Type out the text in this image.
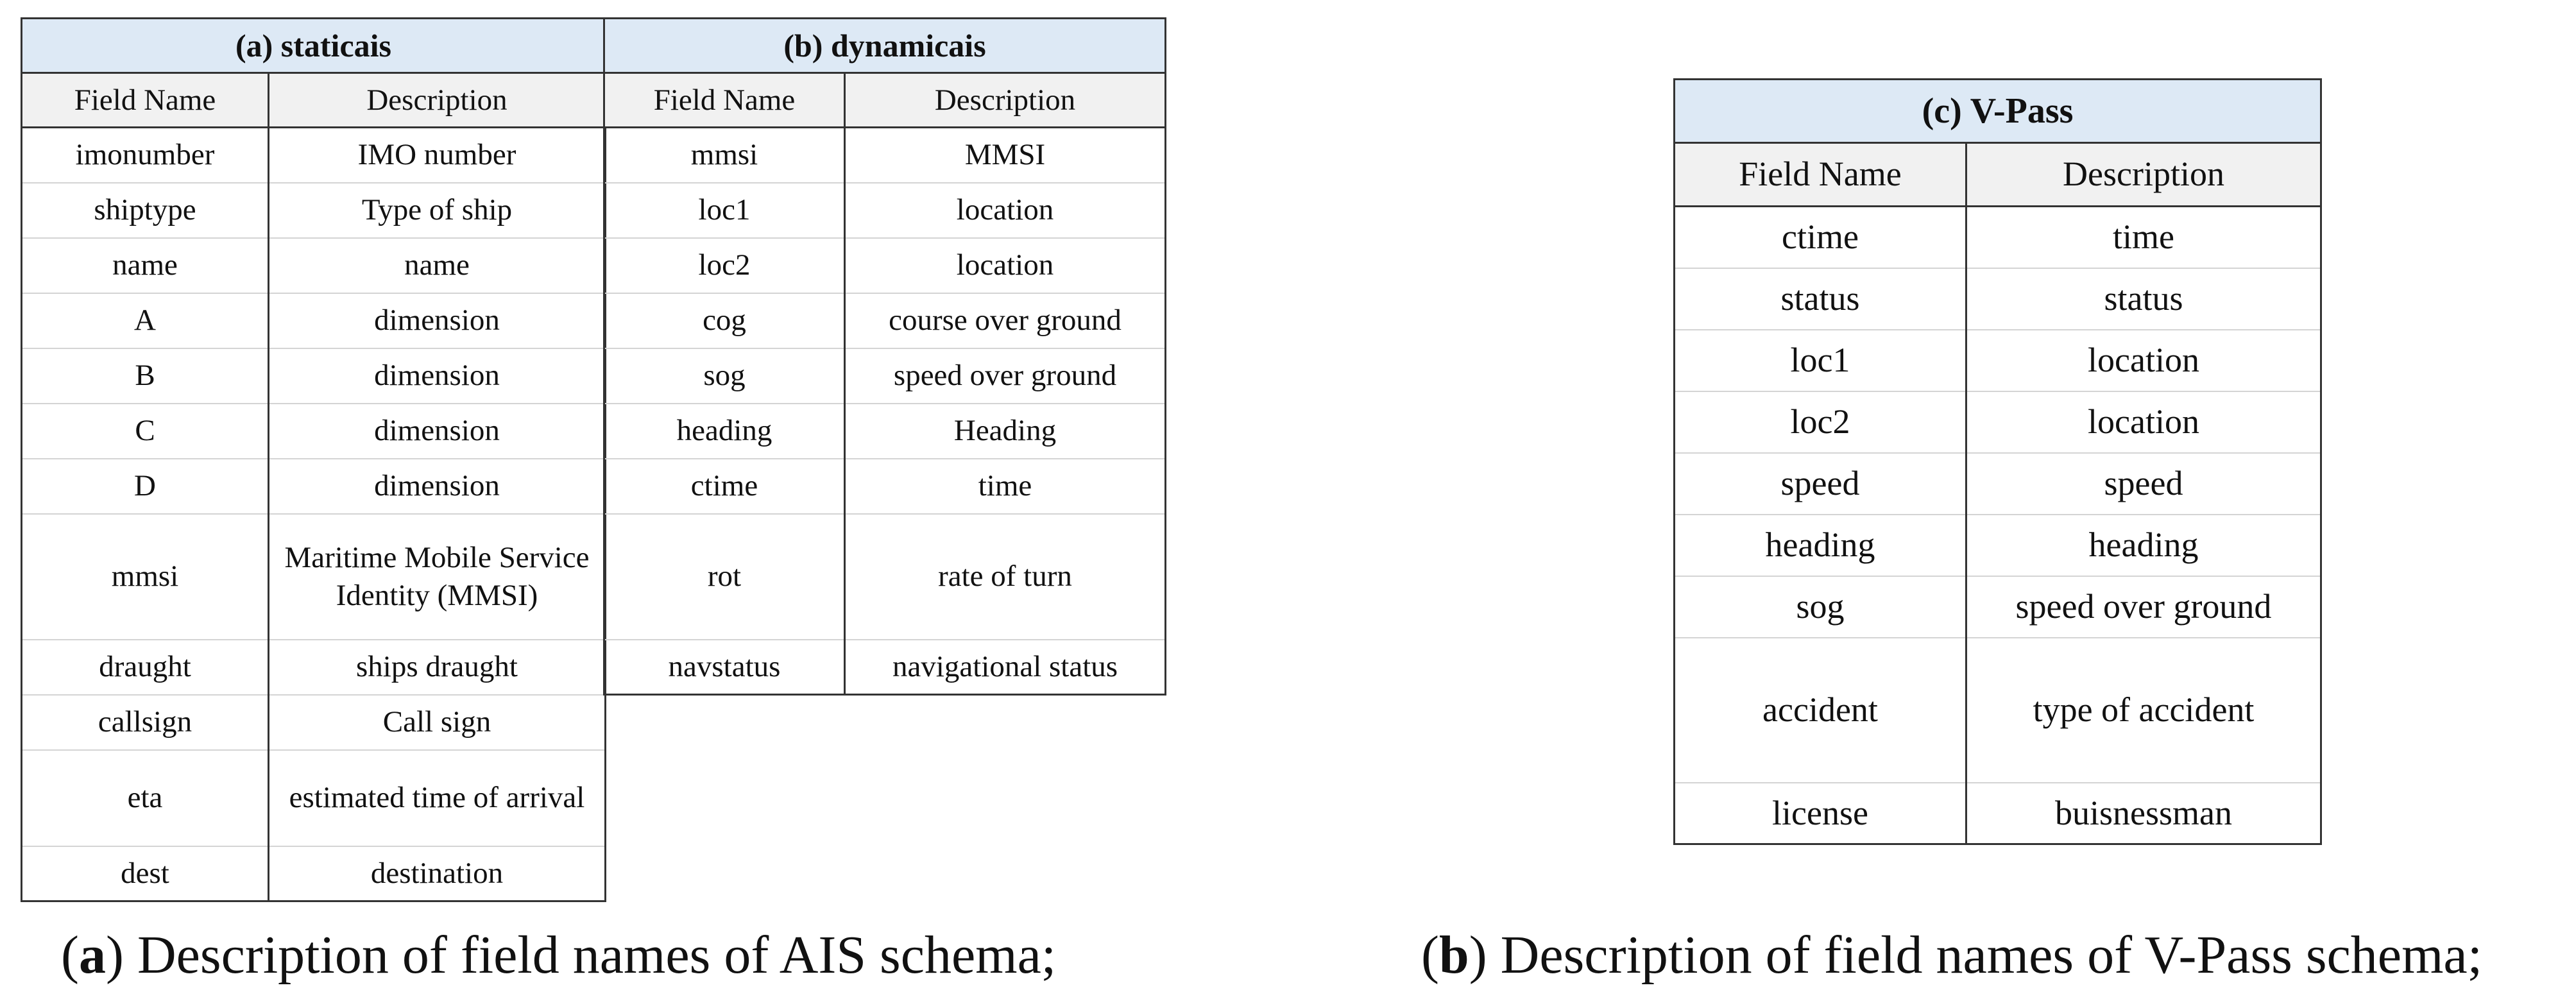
(a) staticais	
Field Name	Description
imonumber	IMO number
shiptype	Type of ship
name	name
A	dimension
B	dimension
C	dimension
D	dimension
mmsi	Maritime Mobile Service Identity (MMSI)
draught	ships draught
callsign	Call sign
eta	estimated time of arrival
dest	destination
(b) dynamicais	
Field Name	Description
mmsi	MMSI
loc1	location
loc2	location
cog	course over ground
sog	speed over ground
heading	Heading
ctime	time
rot	rate of turn
navstatus	navigational status
(c) V-Pass	
Field Name	Description
ctime	time
status	status
loc1	location
loc2	location
speed	speed
heading	heading
sog	speed over ground
accident	type of accident
license	buisnessman
(a) Description of field names of AIS schema;	(b) Description of field names of V-Pass schema;
